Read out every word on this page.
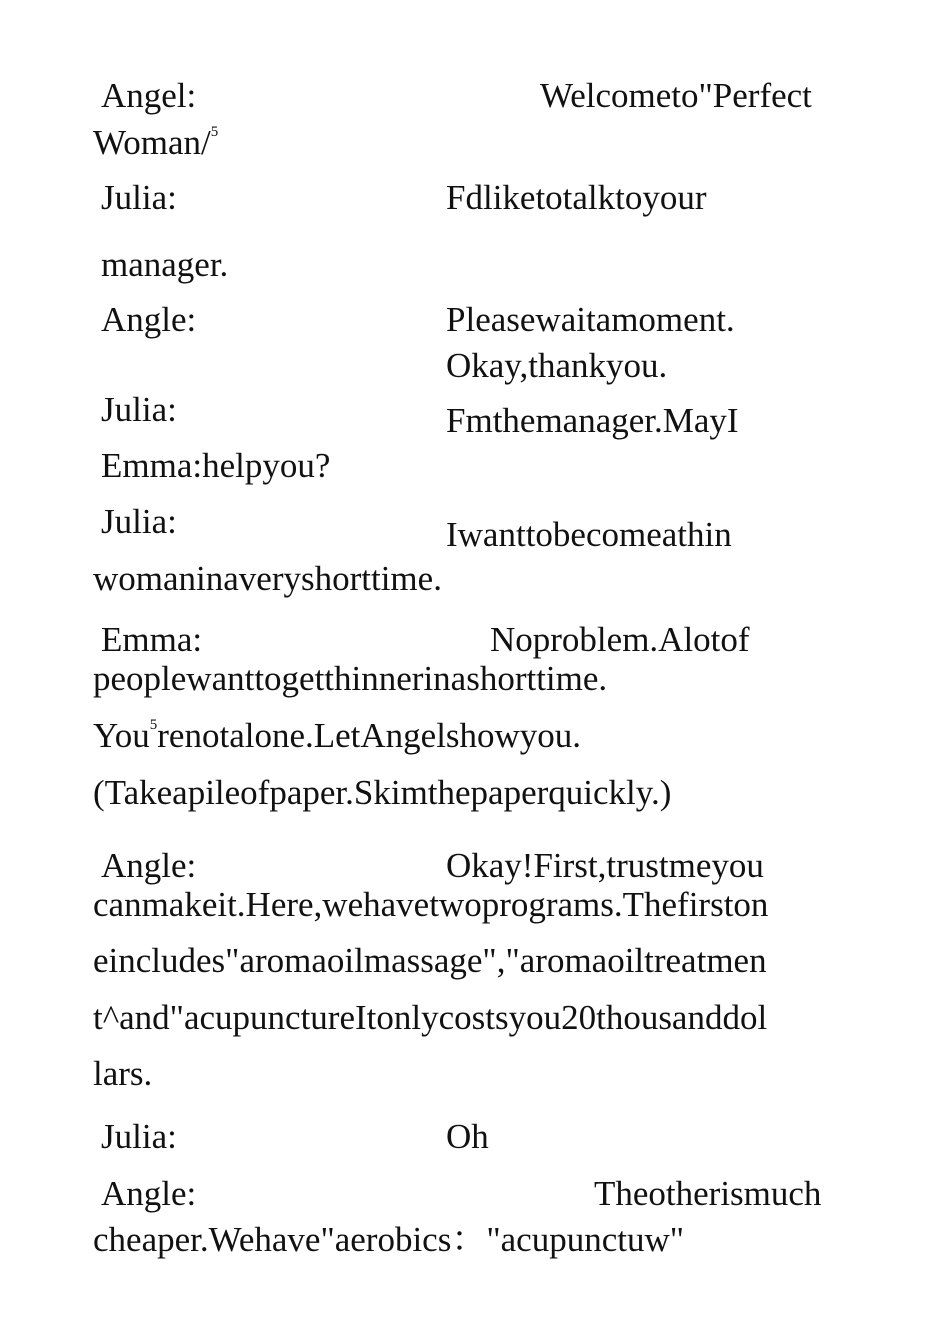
Angel:	Welcometo"Perfect
Woman/$^5$
Julia:	Fdliketotalktoyour
manager.
Angle:	Pleasewaitamoment.
Okay,thankyou.
Julia:	Fmthemanager.MayI
Emma:helpyou?
Julia:	Iwanttobecomeathin
womaninaveryshorttime.
Emma:	Noproblem.Alotof
peoplewanttogetthinnerinashorttime.
You$^5$renotalone.LetAngelshowyou.
(Takeapileofpaper.Skimthepaperquickly.)
Angle:	Okay!First,trustmeyou
canmakeit.Here,wehavetwoprograms.Thefirston
eincludes"aromaoilmassage","aromaoiltreatmen
t^and"acupunctureItonlycostsyou20thousanddol
lars.
Julia:	Oh
Angle:	Theotherismuch
cheaper.Wehave"aerobics："acupunctuw"
